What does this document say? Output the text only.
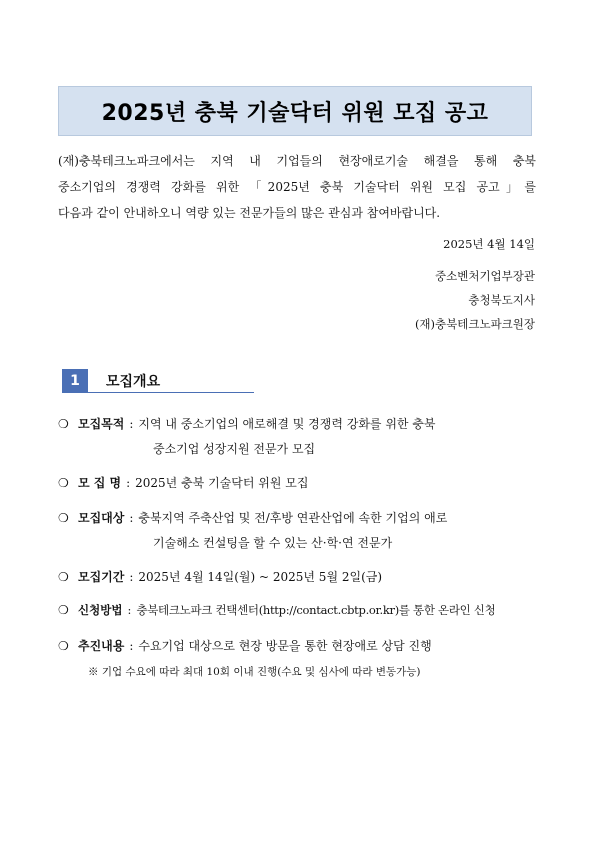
2025년 충북 기술닥터 위원 모집 공고
(재)충북테크노파크에서는 지역 내 기업들의 현장애로기술 해결을 통해 충북
중소기업의 경쟁력 강화를 위한 「2025년 충북 기술닥터 위원 모집 공고」를
다음과 같이 안내하오니 역량 있는 전문가들의 많은 관심과 참여바랍니다.
2025년 4월 14일
중소벤처기업부장관
충청북도지사
(재)충북테크노파크원장
1	모집개요
❍ 모집목적 : 지역 내 중소기업의 애로해결 및 경쟁력 강화를 위한 충북
중소기업 성장지원 전문가 모집
❍ 모 집 명 : 2025년 충북 기술닥터 위원 모집
❍ 모집대상 : 충북지역 주축산업 및 전/후방 연관산업에 속한 기업의 애로
기술해소 컨설팅을 할 수 있는 산·학·연 전문가
❍ 모집기간 : 2025년 4월 14일(월) ~ 2025년 5월 2일(금)
❍ 신청방법 : 충북테크노파크 컨택센터(http://contact.cbtp.or.kr)를 통한 온라인 신청
❍ 추진내용 : 수요기업 대상으로 현장 방문을 통한 현장애로 상담 진행
※ 기업 수요에 따라 최대 10회 이내 진행(수요 및 심사에 따라 변동가능)
